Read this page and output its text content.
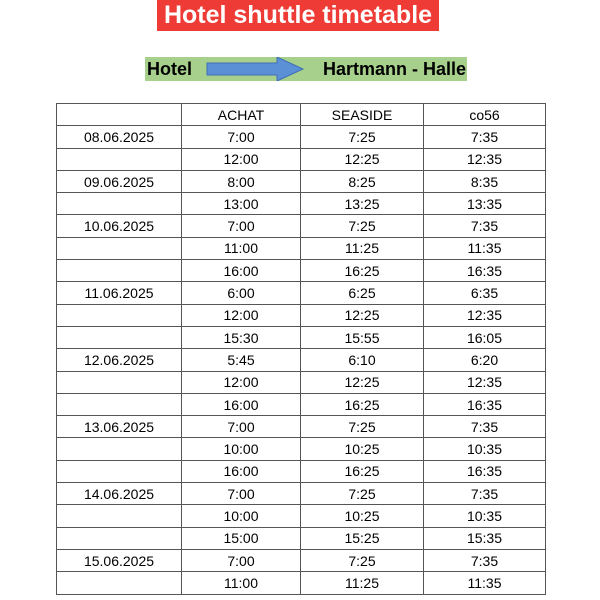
Hotel shuttle timetable
Hotel	Hartmann - Halle
	ACHAT	SEASIDE	co56
08.06.2025	7:00	7:25	7:35
	12:00	12:25	12:35
09.06.2025	8:00	8:25	8:35
	13:00	13:25	13:35
10.06.2025	7:00	7:25	7:35
	11:00	11:25	11:35
	16:00	16:25	16:35
11.06.2025	6:00	6:25	6:35
	12:00	12:25	12:35
	15:30	15:55	16:05
12.06.2025	5:45	6:10	6:20
	12:00	12:25	12:35
	16:00	16:25	16:35
13.06.2025	7:00	7:25	7:35
	10:00	10:25	10:35
	16:00	16:25	16:35
14.06.2025	7:00	7:25	7:35
	10:00	10:25	10:35
	15:00	15:25	15:35
15.06.2025	7:00	7:25	7:35
	11:00	11:25	11:35
